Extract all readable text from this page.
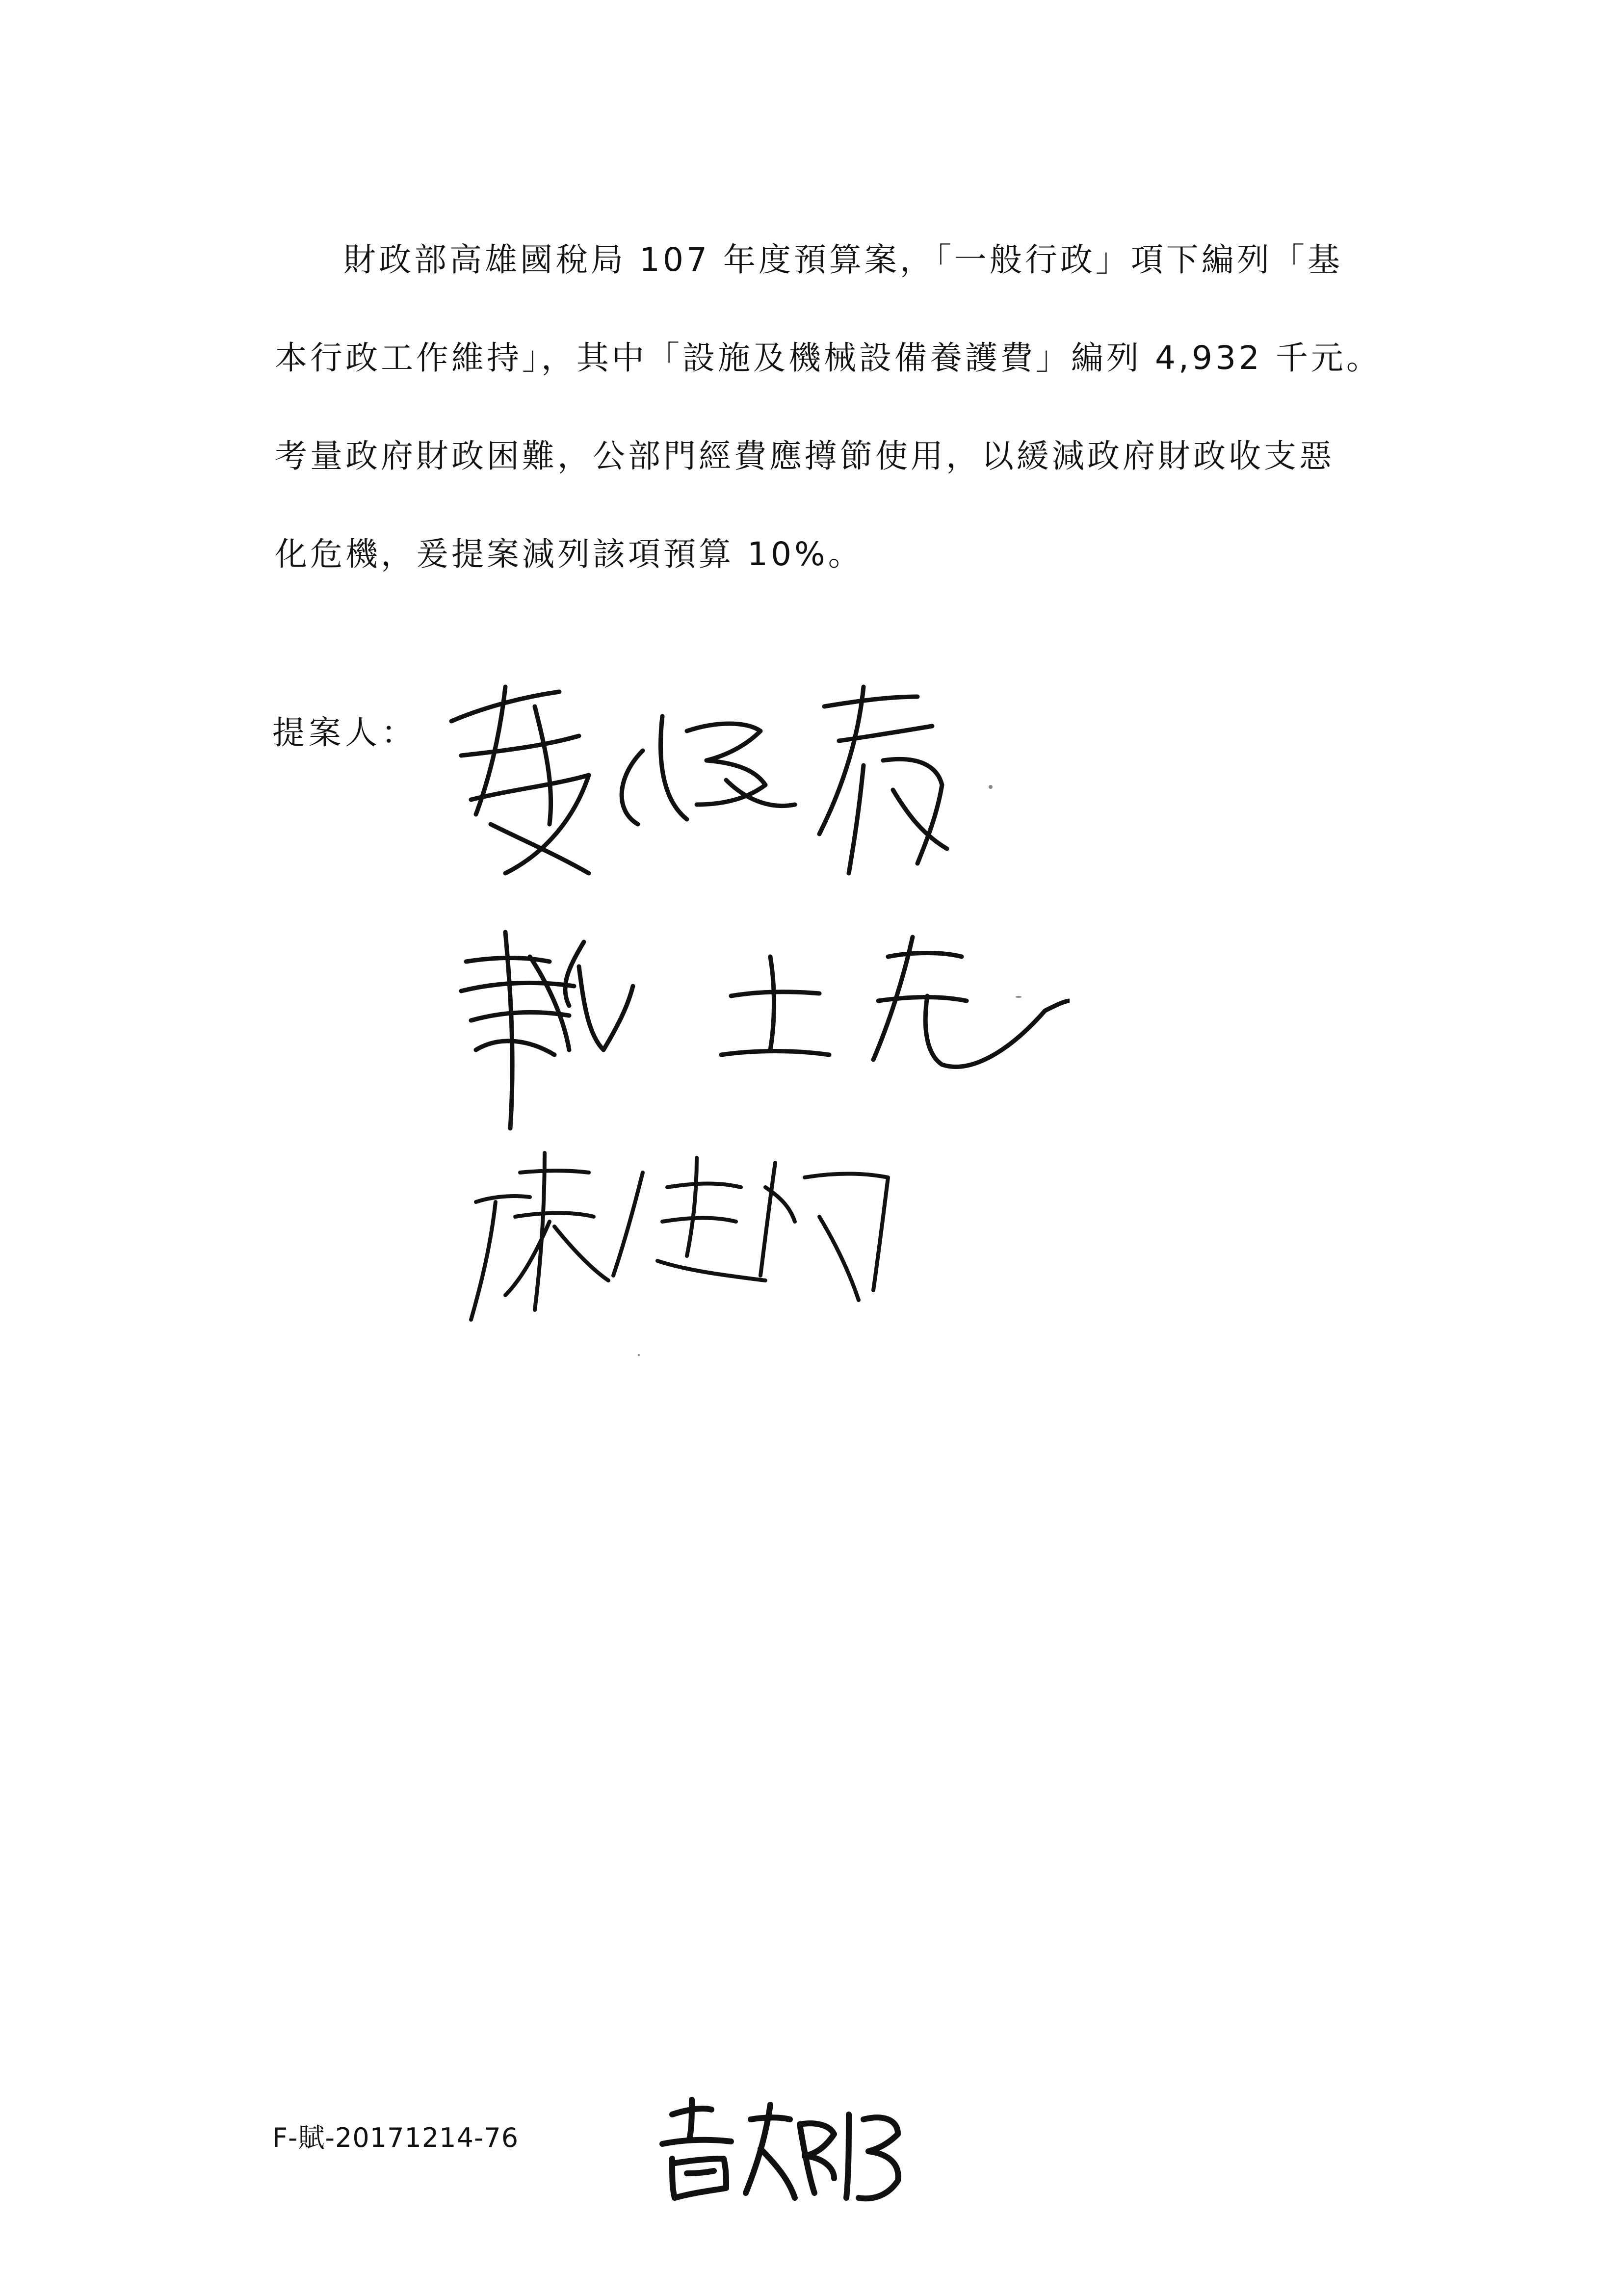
財政部高雄國稅局 107 年度預算案，「一般行政」項下編列「基
本行政工作維持」，其中「設施及機械設備養護費」編列 4,932 千元。
考量政府財政困難，公部門經費應撙節使用，以緩減政府財政收支惡
化危機，爰提案減列該項預算 10%。

提案人：
F-賦-20171214-76
